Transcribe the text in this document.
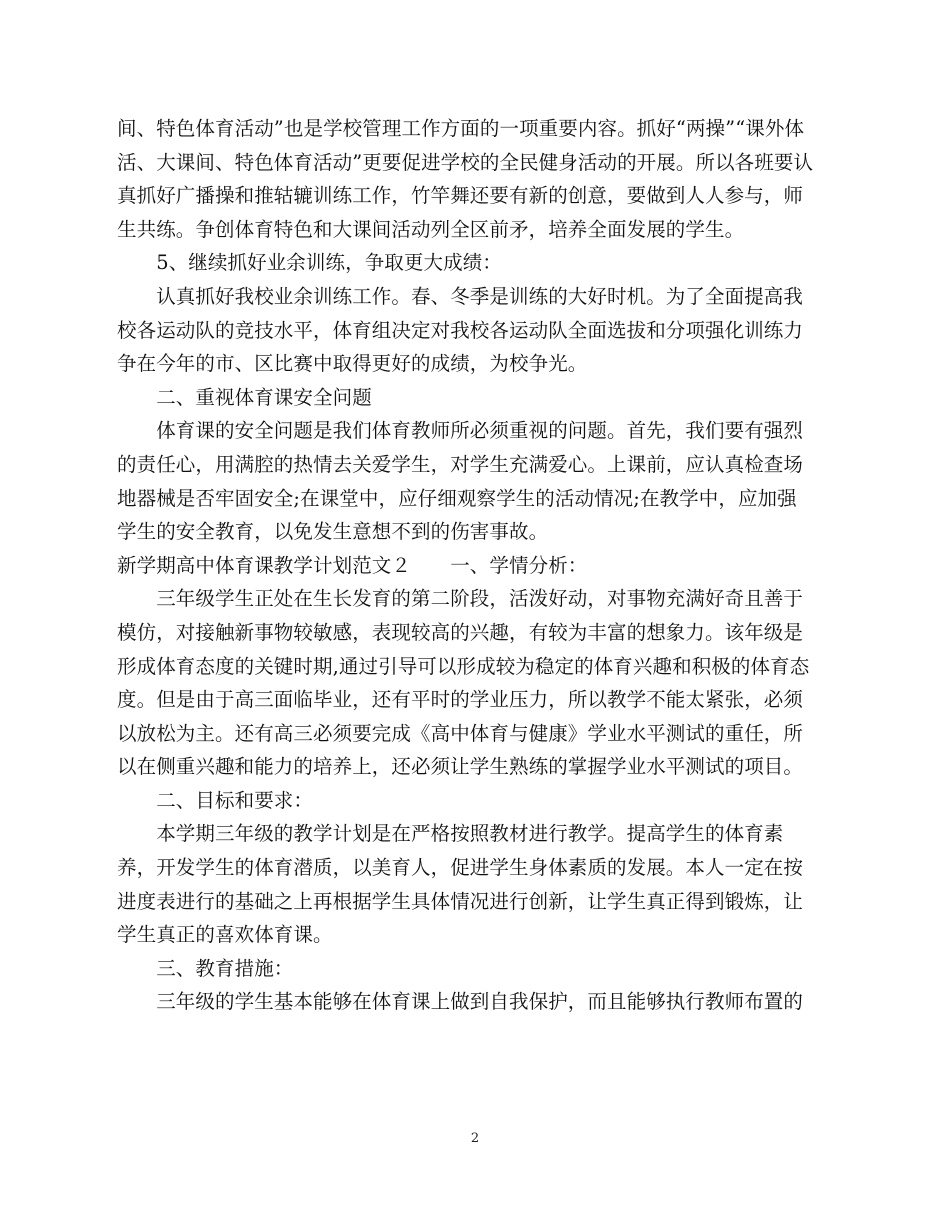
间、特色体育活动”也是学校管理工作方面的一项重要内容。抓好“两操”“课外体
活、大课间、特色体育活动”更要促进学校的全民健身活动的开展。所以各班要认
真抓好广播操和推轱辘训练工作，竹竿舞还要有新的创意，要做到人人参与，师
生共练。争创体育特色和大课间活动列全区前矛，培养全面发展的学生。
　　5、继续抓好业余训练，争取更大成绩：
　　认真抓好我校业余训练工作。春、冬季是训练的大好时机。为了全面提高我
校各运动队的竞技水平，体育组决定对我校各运动队全面选拔和分项强化训练力
争在今年的市、区比赛中取得更好的成绩，为校争光。
　　二、重视体育课安全问题
　　体育课的安全问题是我们体育教师所必须重视的问题。首先，我们要有强烈
的责任心，用满腔的热情去关爱学生，对学生充满爱心。上课前，应认真检查场
地器械是否牢固安全;在课堂中，应仔细观察学生的活动情况;在教学中，应加强
学生的安全教育，以免发生意想不到的伤害事故。
新学期高中体育课教学计划范文２　　一、学情分析：
　　三年级学生正处在生长发育的第二阶段，活泼好动，对事物充满好奇且善于
模仿，对接触新事物较敏感，表现较高的兴趣，有较为丰富的想象力。该年级是
形成体育态度的关键时期,通过引导可以形成较为稳定的体育兴趣和积极的体育态
度。但是由于高三面临毕业，还有平时的学业压力，所以教学不能太紧张，必须
以放松为主。还有高三必须要完成《高中体育与健康》学业水平测试的重任，所
以在侧重兴趣和能力的培养上，还必须让学生熟练的掌握学业水平测试的项目。
　　二、目标和要求：
　　本学期三年级的教学计划是在严格按照教材进行教学。提高学生的体育素
养，开发学生的体育潜质，以美育人，促进学生身体素质的发展。本人一定在按
进度表进行的基础之上再根据学生具体情况进行创新，让学生真正得到锻炼，让
学生真正的喜欢体育课。
　　三、教育措施：
　　三年级的学生基本能够在体育课上做到自我保护，而且能够执行教师布置的
2
